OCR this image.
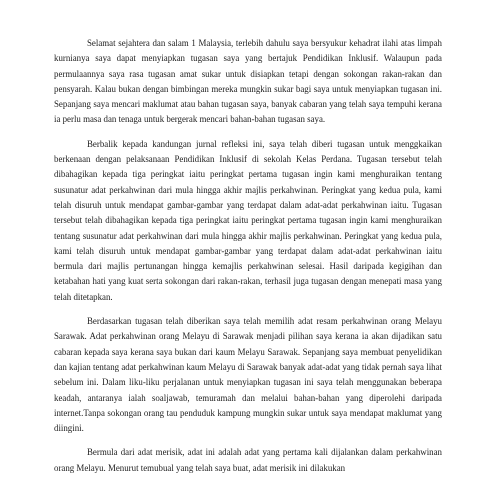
Selamat sejahtera dan salam 1 Malaysia, terlebih dahulu saya bersyukur kehadrat ilahi atas limpah kurnianya saya dapat menyiapkan tugasan saya yang bertajuk Pendidikan Inklusif. Walaupun pada permulaannya saya rasa tugasan amat sukar untuk disiapkan tetapi dengan sokongan rakan-rakan dan pensyarah. Kalau bukan dengan bimbingan mereka mungkin sukar bagi saya untuk menyiapkan tugasan ini. Sepanjang saya mencari maklumat atau bahan tugasan saya, banyak cabaran yang telah saya tempuhi kerana ia perlu masa dan tenaga untuk bergerak mencari bahan-bahan tugasan saya.

Berbalik kepada kandungan jurnal refleksi ini, saya telah diberi tugasan untuk menggkaikan berkenaan dengan pelaksanaan Pendidikan Inklusif di sekolah Kelas Perdana. Tugasan tersebut telah dibahagikan kepada tiga peringkat iaitu peringkat pertama tugasan ingin kami menghuraikan tentang susunatur adat perkahwinan dari mula hingga akhir majlis perkahwinan. Peringkat yang kedua pula, kami telah disuruh untuk mendapat gambar-gambar yang terdapat dalam adat-adat perkahwinan iaitu. Tugasan tersebut telah dibahagikan kepada tiga peringkat iaitu peringkat pertama tugasan ingin kami menghuraikan tentang susunatur adat perkahwinan dari mula hingga akhir majlis perkahwinan. Peringkat yang kedua pula, kami telah disuruh untuk mendapat gambar-gambar yang terdapat dalam adat-adat perkahwinan iaitu bermula dari majlis pertunangan hingga kemajlis perkahwinan selesai. Hasil daripada kegigihan dan ketabahan hati yang kuat serta sokongan dari rakan-rakan, terhasil juga tugasan dengan menepati masa yang telah ditetapkan.

Berdasarkan tugasan telah diberikan saya telah memilih adat resam perkahwinan orang Melayu Sarawak. Adat perkahwinan orang Melayu di Sarawak menjadi pilihan saya kerana ia akan dijadikan satu cabaran kepada saya kerana saya bukan dari kaum Melayu Sarawak. Sepanjang saya membuat penyelidikan dan kajian tentang adat perkahwinan kaum Melayu di Sarawak banyak adat-adat yang tidak pernah saya lihat sebelum ini. Dalam liku-liku perjalanan untuk menyiapkan tugasan ini saya telah menggunakan beberapa keadah, antaranya ialah soaljawab, temuramah dan melalui bahan-bahan yang diperolehi daripada internet.Tanpa sokongan orang tau penduduk kampung mungkin sukar untuk saya mendapat maklumat yang diingini.

Bermula dari adat merisik, adat ini adalah adat yang pertama kali dijalankan dalam perkahwinan orang Melayu. Menurut temubual yang telah saya buat, adat merisik ini dilakukan
